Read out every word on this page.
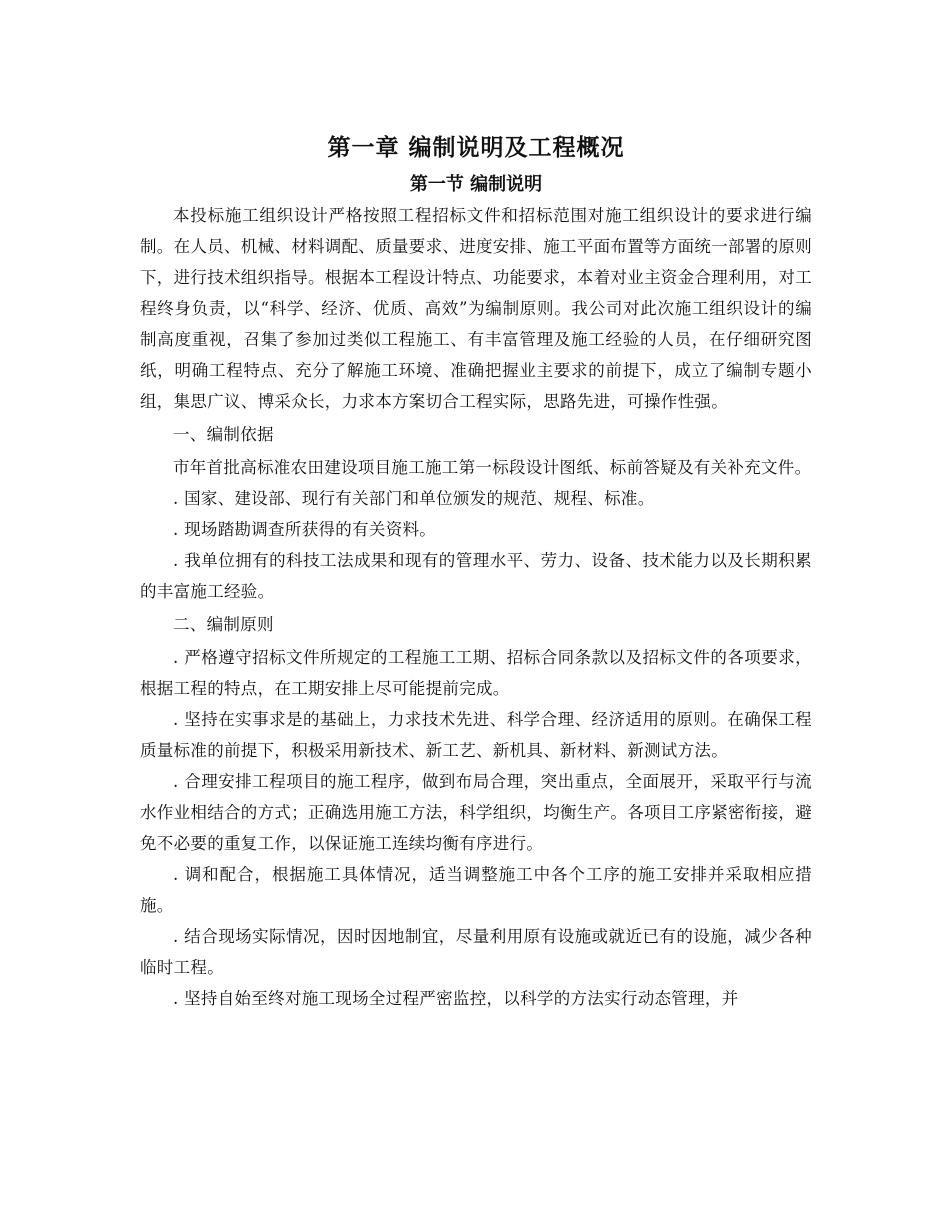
第一章 编制说明及工程概况
第一节 编制说明

本投标施工组织设计严格按照工程招标文件和招标范围对施工组织设计的要求进行编制。在人员、机械、材料调配、质量要求、进度安排、施工平面布置等方面统一部署的原则下，进行技术组织指导。根据本工程设计特点、功能要求，本着对业主资金合理利用，对工程终身负责，以“科学、经济、优质、高效”为编制原则。我公司对此次施工组织设计的编制高度重视，召集了参加过类似工程施工、有丰富管理及施工经验的人员，在仔细研究图纸，明确工程特点、充分了解施工环境、准确把握业主要求的前提下，成立了编制专题小组，集思广议、博采众长，力求本方案切合工程实际，思路先进，可操作性强。

一、编制依据

市年首批高标准农田建设项目施工施工第一标段设计图纸、标前答疑及有关补充文件。

. 国家、建设部、现行有关部门和单位颁发的规范、规程、标准。

. 现场踏勘调查所获得的有关资料。

. 我单位拥有的科技工法成果和现有的管理水平、劳力、设备、技术能力以及长期积累的丰富施工经验。

二、编制原则

. 严格遵守招标文件所规定的工程施工工期、招标合同条款以及招标文件的各项要求，根据工程的特点，在工期安排上尽可能提前完成。

. 坚持在实事求是的基础上，力求技术先进、科学合理、经济适用的原则。在确保工程质量标准的前提下，积极采用新技术、新工艺、新机具、新材料、新测试方法。

. 合理安排工程项目的施工程序，做到布局合理，突出重点，全面展开，采取平行与流水作业相结合的方式；正确选用施工方法，科学组织，均衡生产。各项目工序紧密衔接，避免不必要的重复工作，以保证施工连续均衡有序进行。

. 调和配合，根据施工具体情况，适当调整施工中各个工序的施工安排并采取相应措施。

. 结合现场实际情况，因时因地制宜，尽量利用原有设施或就近已有的设施，减少各种临时工程。

. 坚持自始至终对施工现场全过程严密监控，以科学的方法实行动态管理，并
